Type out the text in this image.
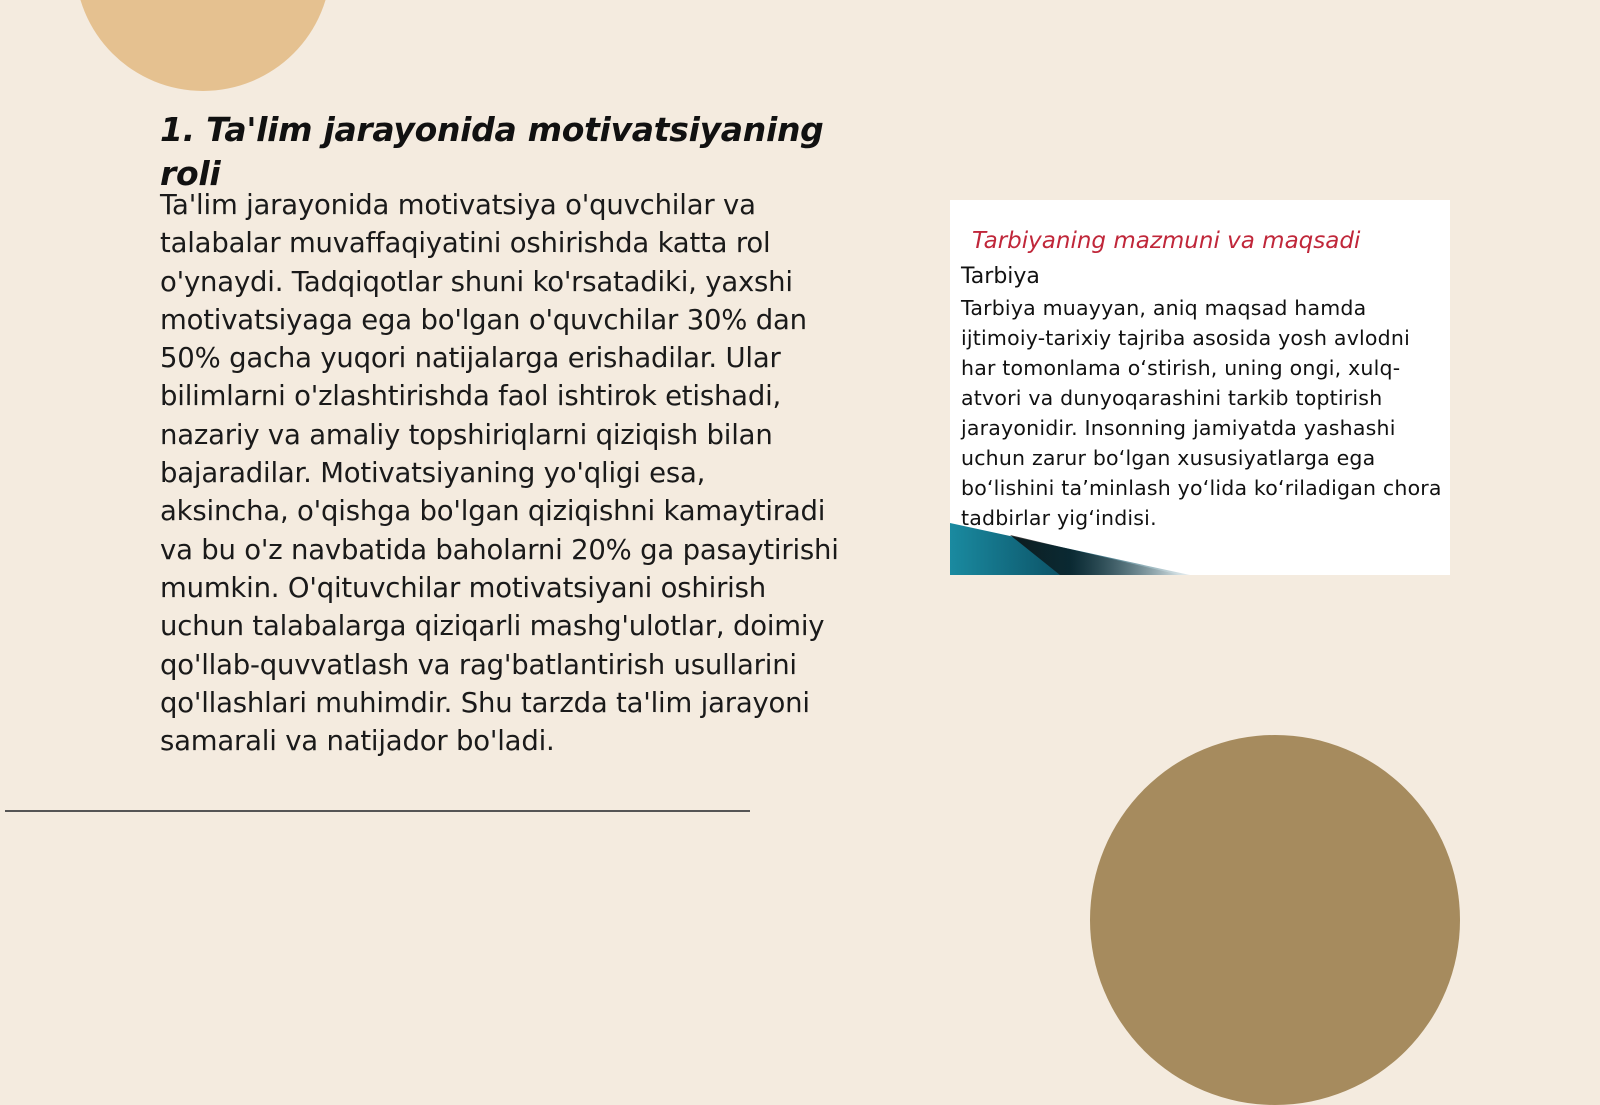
1. Ta'lim jarayonida motivatsiyaning roli

Ta'lim jarayonida motivatsiya o'quvchilar va talabalar muvaffaqiyatini oshirishda katta rol o'ynaydi. Tadqiqotlar shuni ko'rsatadiki, yaxshi motivatsiyaga ega bo'lgan o'quvchilar 30% dan 50% gacha yuqori natijalarga erishadilar. Ular bilimlarni o'zlashtirishda faol ishtirok etishadi, nazariy va amaliy topshiriqlarni qiziqish bilan bajaradilar. Motivatsiyaning yo'qligi esa, aksincha, o'qishga bo'lgan qiziqishni kamaytiradi va bu o'z navbatida baholarni 20% ga pasaytirishi mumkin. O'qituvchilar motivatsiyani oshirish uchun talabalarga qiziqarli mashg'ulotlar, doimiy qo'llab-quvvatlash va rag'batlantirish usullarini qo'llashlari muhimdir. Shu tarzda ta'lim jarayoni samarali va natijador bo'ladi.

Tarbiyaning mazmuni va maqsadi

Tarbiya

Tarbiya muayyan, aniq maqsad hamda ijtimoiy-tarixiy tajriba asosida yosh avlodni har tomonlama o‘stirish, uning ongi, xulq-atvori va dunyoqarashini tarkib toptirish jarayonidir. Insonning jamiyatda yashashi uchun zarur bo‘lgan xususiyatlarga ega bo‘lishini ta’minlash yo‘lida ko‘riladigan chora tadbirlar yig‘indisi.
